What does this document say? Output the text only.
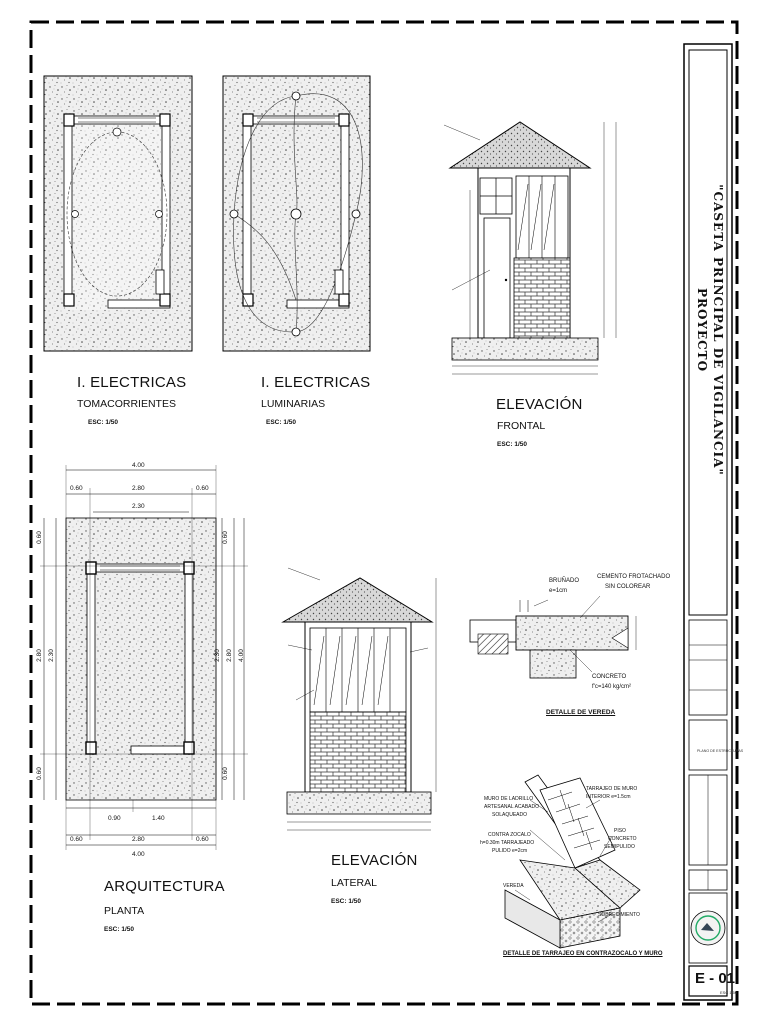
I. ELECTRICAS
TOMACORRIENTES
ESC: 1/50
I. ELECTRICAS
LUMINARIAS
ESC: 1/50
ELEVACIÓN
FRONTAL
ESC: 1/50
ARQUITECTURA
PLANTA
ESC: 1/50
ELEVACIÓN
LATERAL
ESC: 1/50
4.00
0.60	2.80	0.60
2.30
0.90	1.40
0.60	2.80	0.60
4.00
0.60
2.80 2.30
0.60
0.60
2.30 2.80 4.00
0.60
BRUÑADO
e=1cm
CEMENTO FROTACHADO
SIN COLOREAR
CONCRETO
f'c=140 kg/cm²
DETALLE DE VEREDA
MURO DE LADRILLO
ARTESANAL ACABADO
SOLAQUEADO
TARRAJEO DE MURO
INTERIOR e=1.5cm
CONTRA ZOCALO
h=0.30m TARRAJEADO
PULIDO e=2cm
PISO
CONCRETO
SEMIPULIDO
VEREDA
SOBRECIMIENTO
DETALLE DE TARRAJEO EN CONTRAZOCALO Y MURO
PROYECTO "CASETA PRINCIPAL DE VIGILANCIA"
PLANO DE ESTRUCTURAS
E - 01
ESC 1/50
